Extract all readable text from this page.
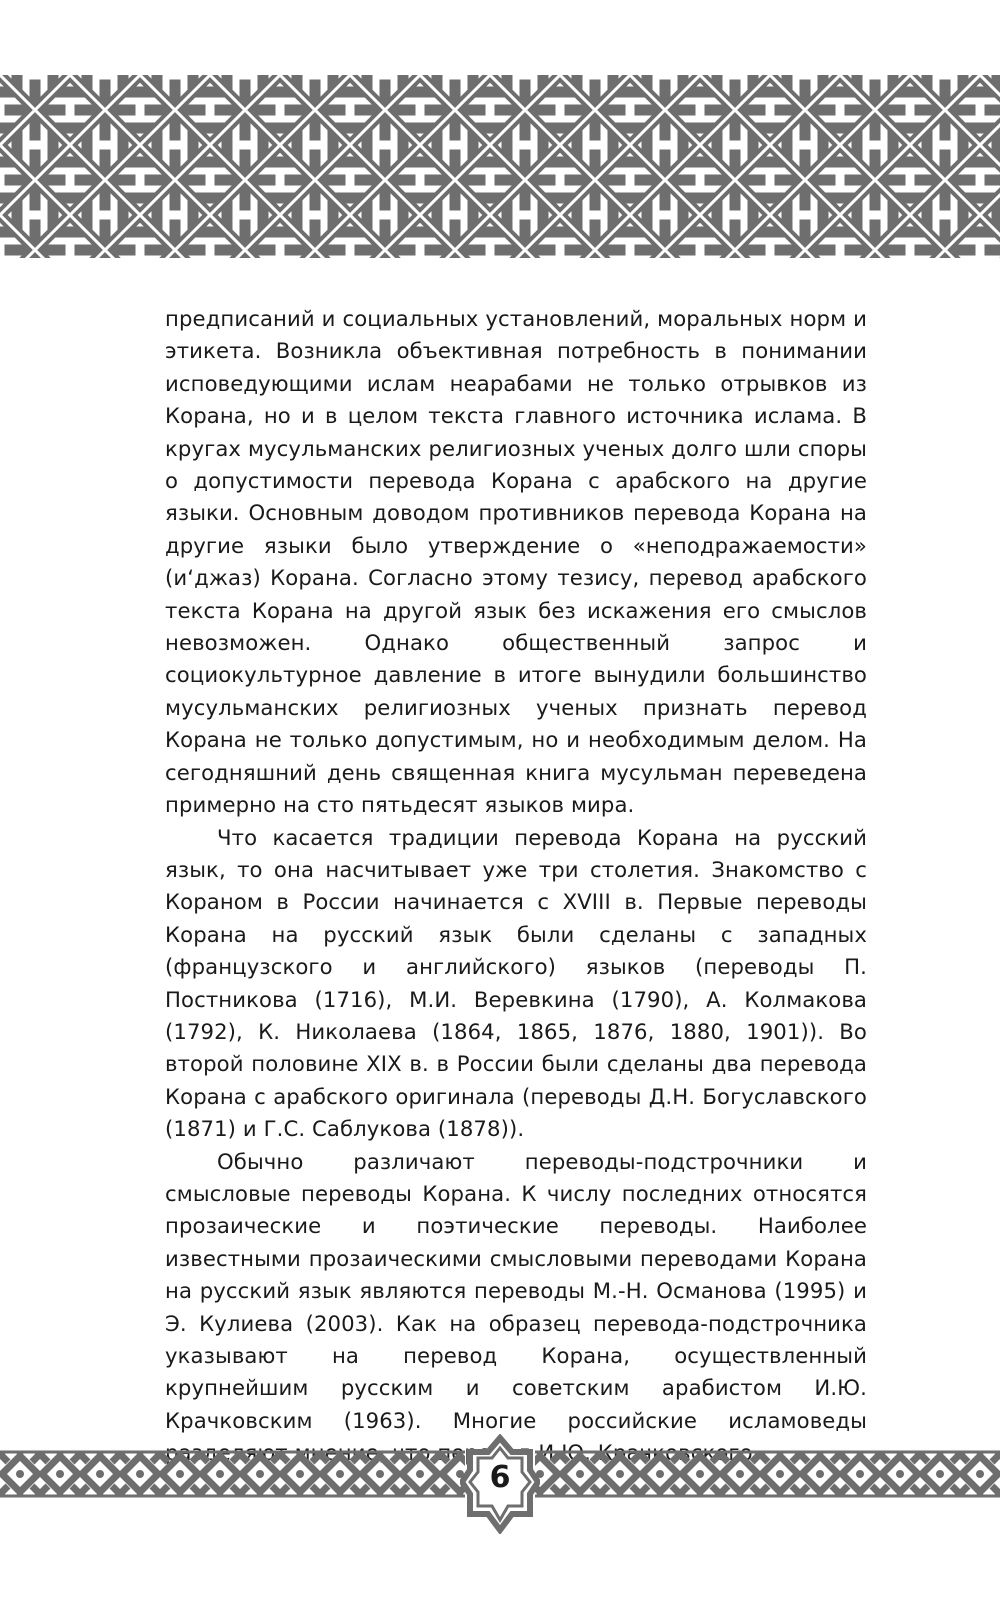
предписаний и социальных установлений, моральных норм и этикета. Возникла объективная потребность в понимании исповедующими ислам неарабами не только отрывков из Корана, но и в целом текста главного источника ислама. В кругах мусульманских религиозных ученых долго шли споры о допустимости перевода Корана с арабского на другие языки. Основным доводом противников перевода Корана на другие языки было утверждение о «неподражаемости» (и‘джаз) Корана. Согласно этому тезису, перевод арабского текста Корана на другой язык без искажения его смыслов невозможен. Однако общественный запрос и социокультурное давление в итоге вынудили большинство мусульманских религиозных ученых признать перевод Корана не только допустимым, но и необходимым делом. На сегодняшний день священная книга мусульман переведена примерно на сто пятьдесят языков мира.

Что касается традиции перевода Корана на русский язык, то она насчитывает уже три столетия. Знакомство с Кораном в России начинается с XVIII в. Первые переводы Корана на русский язык были сделаны с западных (французского и английского) языков (переводы П. Постникова (1716), М.И. Веревкина (1790), А. Колмакова (1792), К. Николаева (1864, 1865, 1876, 1880, 1901)). Во второй половине XIX в. в России были сделаны два перевода Корана с арабского оригинала (переводы Д.Н. Богуславского (1871) и Г.С. Саблукова (1878)).

Обычно различают переводы-подстрочники и смысловые переводы Корана. К числу последних относятся прозаические и поэтические переводы. Наиболее известными прозаическими смысловыми переводами Корана на русский язык являются переводы М.-Н. Османова (1995) и Э. Кулиева (2003). Как на образец перевода-подстрочника указывают на перевод Корана, осуществленный крупнейшим русским и советским арабистом И.Ю. Крачковским (1963). Многие российские исламоведы

6
